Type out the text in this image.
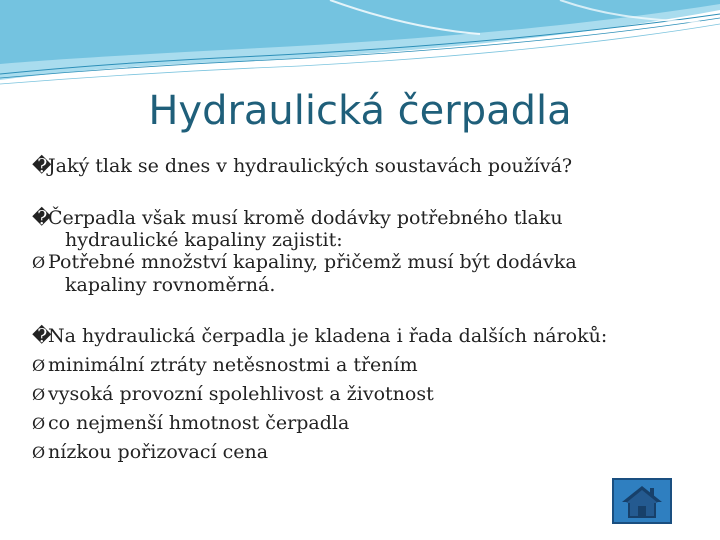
Hydraulická čerpadla
�Jaký tlak se dnes v hydraulických soustavách používá?
�Čerpadla však musí kromě dodávky potřebného tlaku
hydraulické kapaliny zajistit:
Ø Potřebné množství kapaliny, přičemž musí být dodávka
kapaliny rovnoměrná.
�Na hydraulická čerpadla je kladena i řada dalších nároků:
Ø minimální ztráty netěsnostmi a třením
Ø vysoká provozní spolehlivost a životnost
Ø co nejmenší hmotnost čerpadla
Ø nízkou pořizovací cena
